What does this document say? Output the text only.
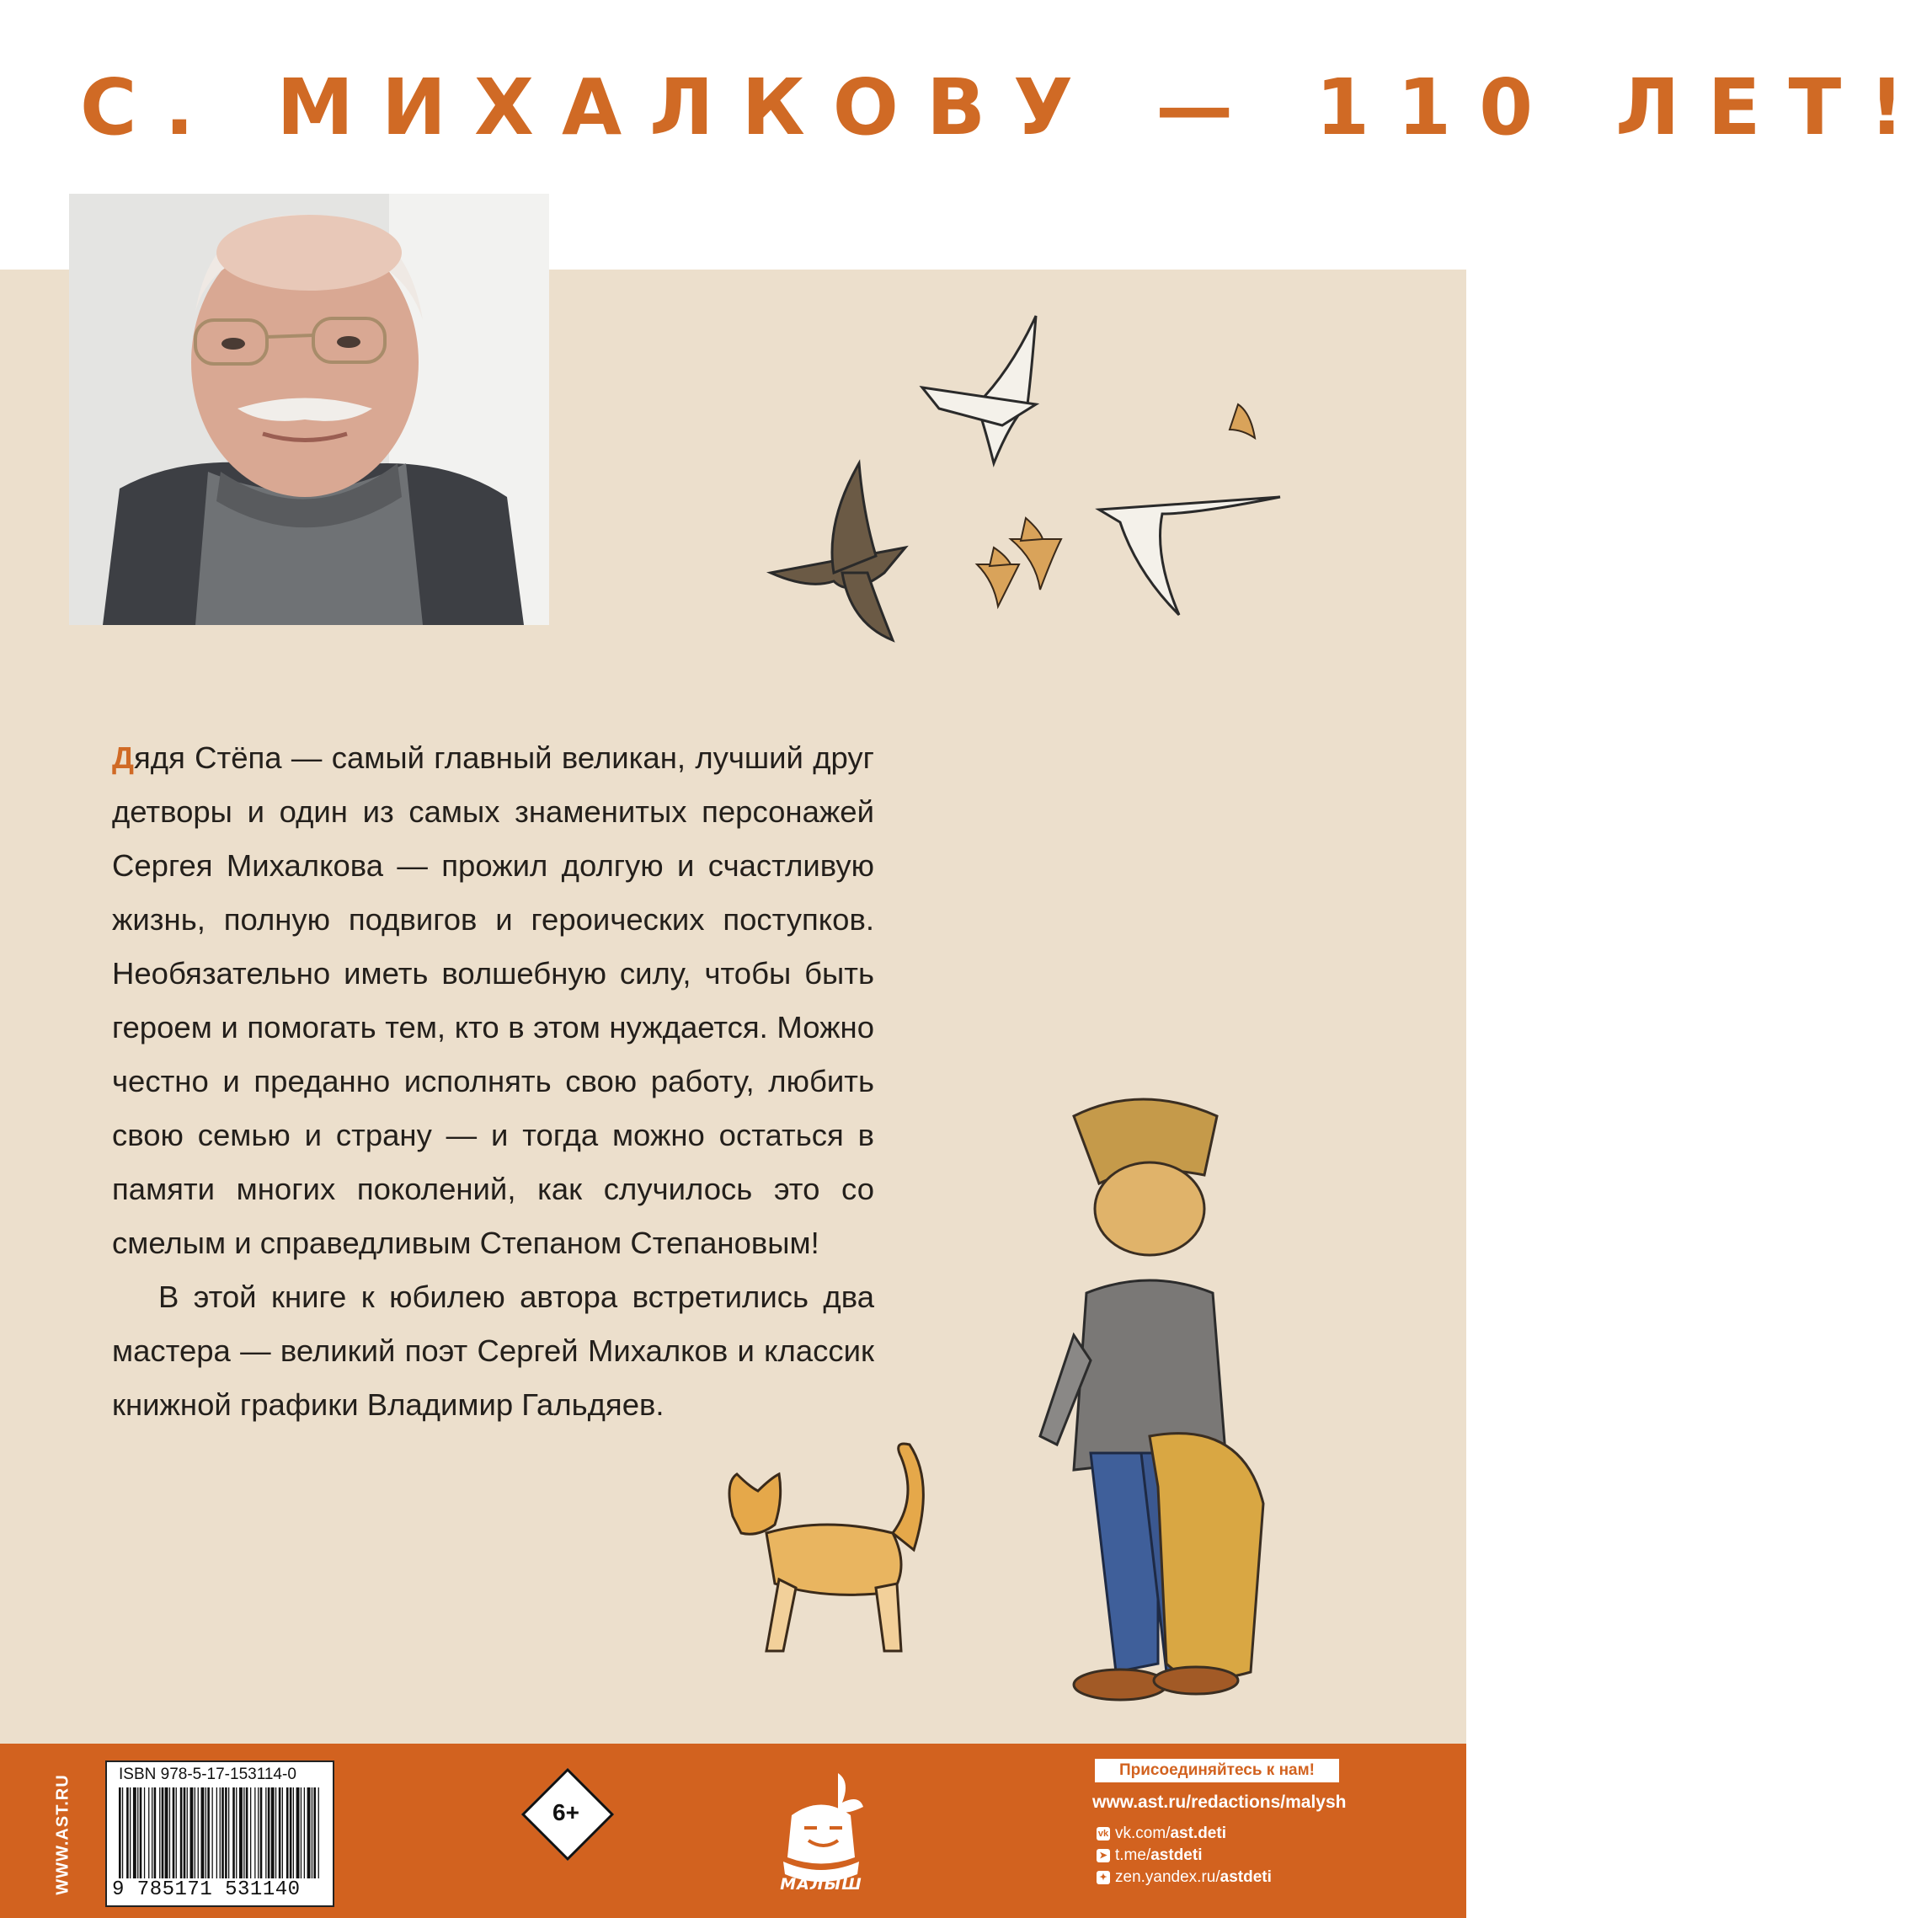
С. МИХАЛКОВУ — 110 ЛЕТ!

Дядя Стёпа — самый главный великан, лучший друг детворы и один из самых знаменитых персонажей Сергея Михалкова — прожил долгую и счастливую жизнь, полную подвигов и героических поступков. Необязательно иметь волшебную силу, чтобы быть героем и помогать тем, кто в этом нуждается. Можно честно и преданно исполнять свою работу, любить свою семью и страну — и тогда можно остаться в памяти многих поколений, как случилось это со смелым и справедливым Степаном Степановым!

В этой книге к юбилею автора встретились два мастера — великий поэт Сергей Михалков и классик книжной графики Владимир Гальдяев.

WWW.AST.RU	ISBN 978-5-17-153114-0
9 785171 531140
6+
МАЛЫШ
Присоединяйтесь к нам!
www.ast.ru/redactions/malysh
vk vk.com/ast.deti
➤ t.me/astdeti
✦ zen.yandex.ru/astdeti
